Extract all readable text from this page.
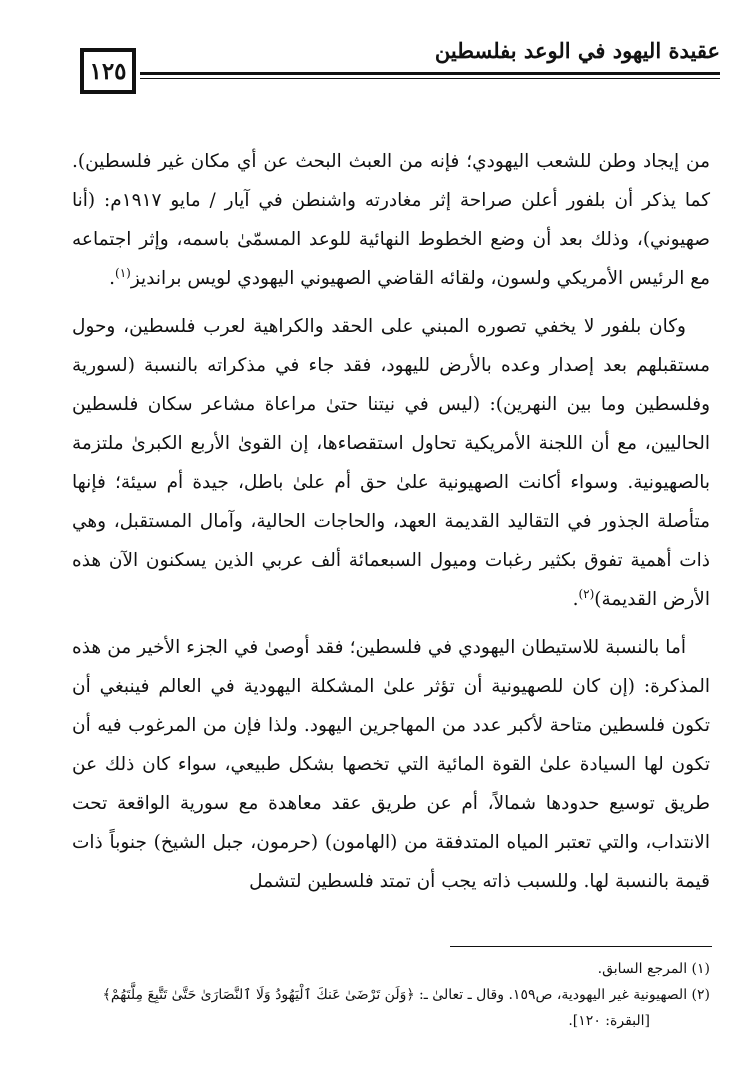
عقيدة اليهود في الوعد بفلسطين
١٢٥

من إيجاد وطن للشعب اليهودي؛ فإنه من العبث البحث عن أي مكان غير فلسطين). كما يذكر أن بلفور أعلن صراحة إثر مغادرته واشنطن في آيار / مايو ١٩١٧م: (أنا صهيوني)، وذلك بعد أن وضع الخطوط النهائية للوعد المسمّىٰ باسمه، وإثر اجتماعه مع الرئيس الأمريكي ولسون، ولقائه القاضي الصهيوني اليهودي لويس برانديز$^{(١)}$.

وكان بلفور لا يخفي تصوره المبني على الحقد والكراهية لعرب فلسطين، وحول مستقبلهم بعد إصدار وعده بالأرض لليهود، فقد جاء في مذكراته بالنسبة (لسورية وفلسطين وما بين النهرين): (ليس في نيتنا حتىٰ مراعاة مشاعر سكان فلسطين الحاليين، مع أن اللجنة الأمريكية تحاول استقصاءها، إن القوىٰ الأربع الكبرىٰ ملتزمة بالصهيونية. وسواء أكانت الصهيونية علىٰ حق أم علىٰ باطل، جيدة أم سيئة؛ فإنها متأصلة الجذور في التقاليد القديمة العهد، والحاجات الحالية، وآمال المستقبل، وهي ذات أهمية تفوق بكثير رغبات وميول السبعمائة ألف عربي الذين يسكنون الآن هذه الأرض القديمة)$^{(٢)}$.

أما بالنسبة للاستيطان اليهودي في فلسطين؛ فقد أوصىٰ في الجزء الأخير من هذه المذكرة: (إن كان للصهيونية أن تؤثر علىٰ المشكلة اليهودية في العالم فينبغي أن تكون فلسطين متاحة لأكبر عدد من المهاجرين اليهود. ولذا فإن من المرغوب فيه أن تكون لها السيادة علىٰ القوة المائية التي تخصها بشكل طبيعي، سواء كان ذلك عن طريق توسيع حدودها شمالاً، أم عن طريق عقد معاهدة مع سورية الواقعة تحت الانتداب، والتي تعتبر المياه المتدفقة من (الهامون) (حرمون، جبل الشيخ) جنوباً ذات قيمة بالنسبة لها. وللسبب ذاته يجب أن تمتد فلسطين لتشمل

(١) المرجع السابق.
(٢) الصهيونية غير اليهودية، ص١٥٩. وقال ـ تعالىٰ ـ: ﴿وَلَن تَرْضَىٰ عَنكَ ٱلْيَهُودُ وَلَا ٱلنَّصَارَىٰ حَتَّىٰ تَتَّبِعَ مِلَّتَهُمْ﴾
[البقرة: ١٢٠].
